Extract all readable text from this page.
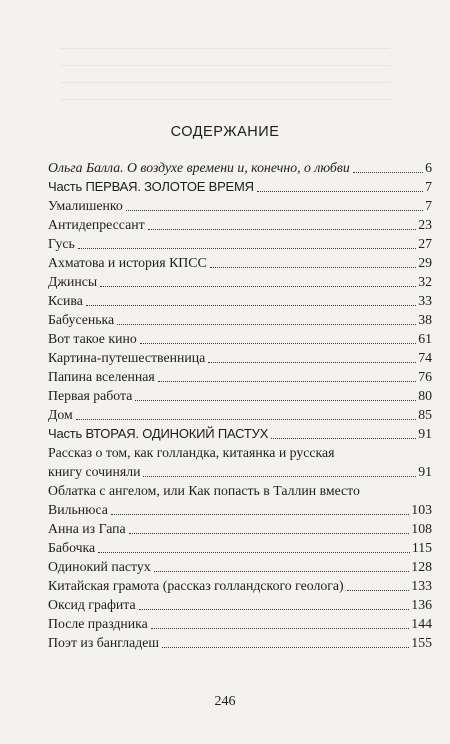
СОДЕРЖАНИЕ
Ольга Балла. О воздухе времени и, конечно, о любви	6
Часть ПЕРВАЯ. ЗОЛОТОЕ ВРЕМЯ	7
Умалишенко	7
Антидепрессант	23
Гусь	27
Ахматова и история КПСС	29
Джинсы	32
Ксива	33
Бабусенька	38
Вот такое кино	61
Картина-путешественница	74
Папина вселенная	76
Первая работа	80
Дом	85
Часть ВТОРАЯ. ОДИНОКИЙ ПАСТУХ	91
Рассказ о том, как голландка, китаянка и русская
книгу сочиняли	91
Облатка с ангелом, или Как попасть в Таллин вместо
Вильнюса	103
Анна из Гапа	108
Бабочка	115
Одинокий пастух	128
Китайская грамота (рассказ голландского геолога)	133
Оксид графита	136
После праздника	144
Поэт из бангладеш	155
246
